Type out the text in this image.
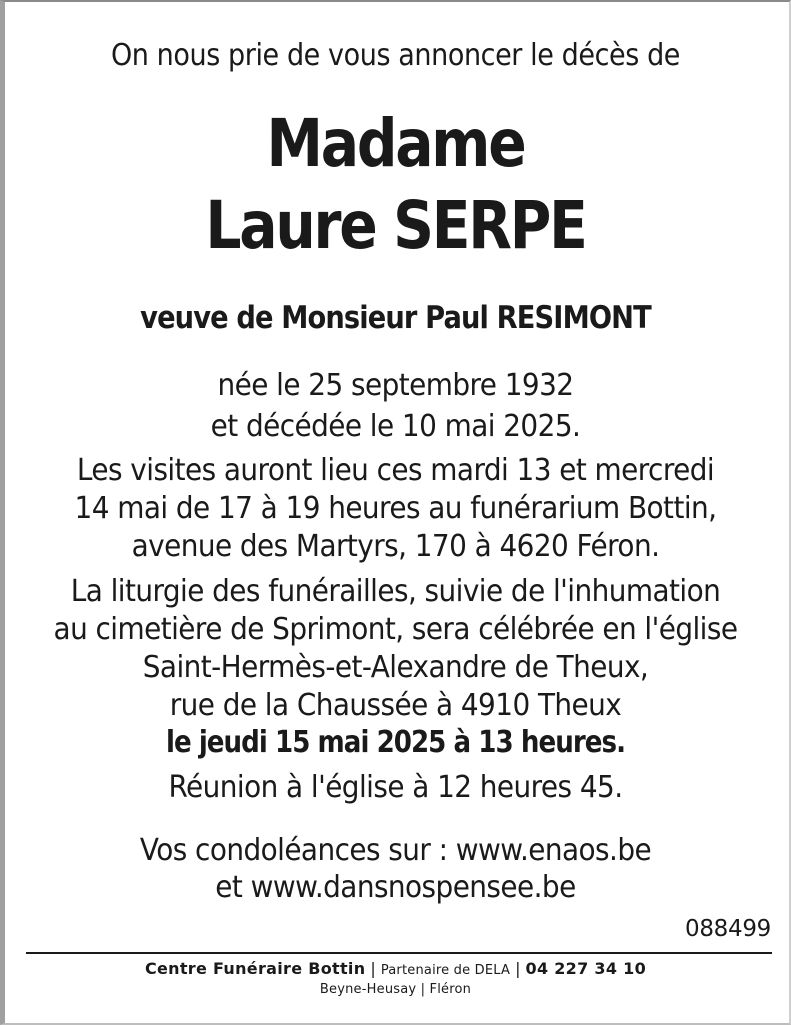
On nous prie de vous annoncer le décès de
Madame
Laure SERPE
veuve de Monsieur Paul RESIMONT
née le 25 septembre 1932
et décédée le 10 mai 2025.
Les visites auront lieu ces mardi 13 et mercredi
14 mai de 17 à 19 heures au funérarium Bottin,
avenue des Martyrs, 170 à 4620 Féron.
La liturgie des funérailles, suivie de l'inhumation
au cimetière de Sprimont, sera célébrée en l'église
Saint-Hermès-et-Alexandre de Theux,
rue de la Chaussée à 4910 Theux
le jeudi 15 mai 2025 à 13 heures.
Réunion à l'église à 12 heures 45.
Vos condoléances sur : www.enaos.be
et www.dansnospensee.be
088499
Centre Funéraire Bottin | Partenaire de DELA | 04 227 34 10
Beyne-Heusay | Fléron
